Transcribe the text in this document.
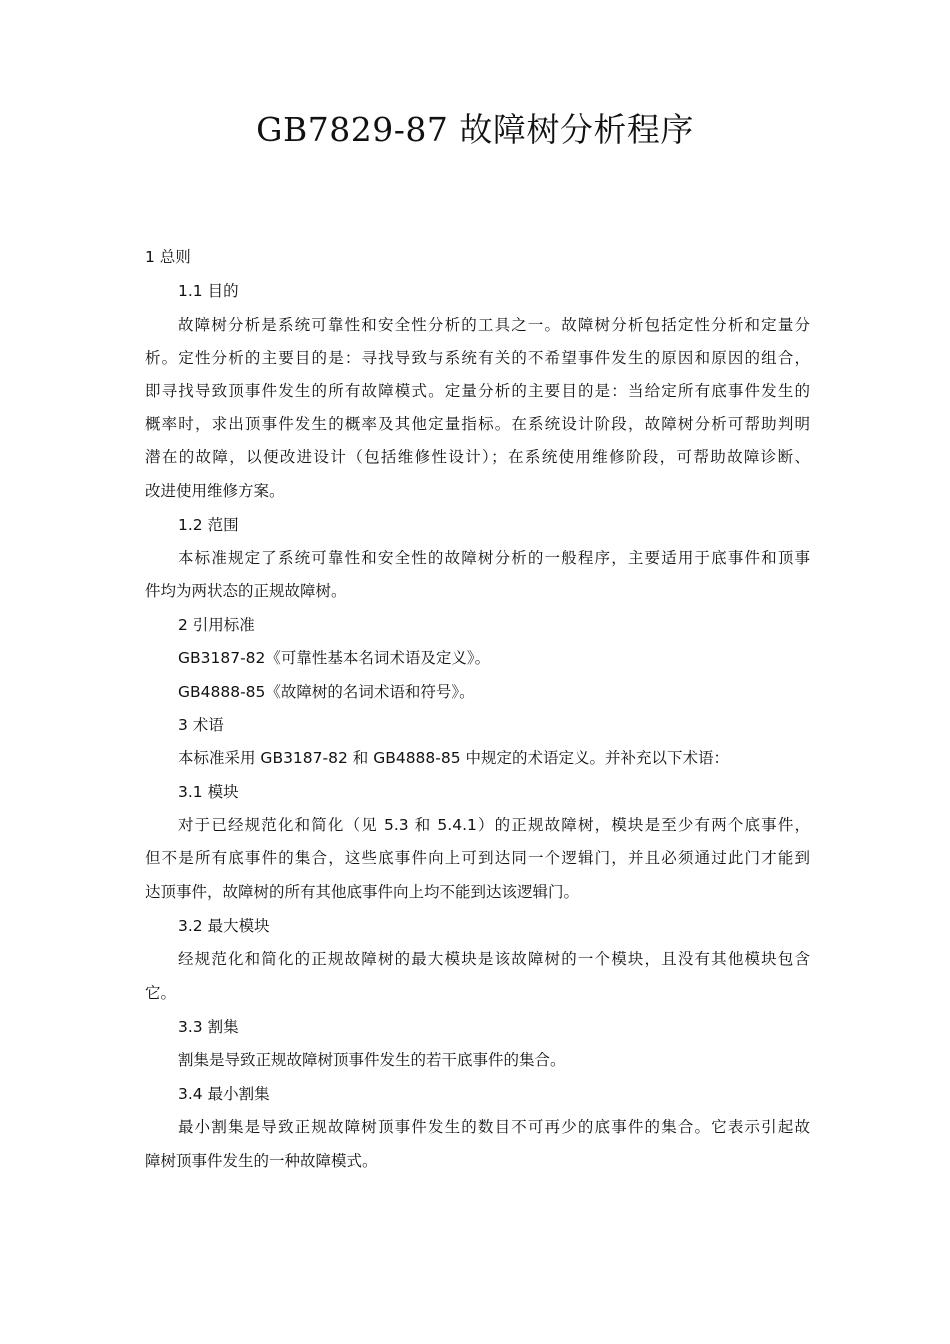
GB7829-87 故障树分析程序
1 总则
1.1 目的
故障树分析是系统可靠性和安全性分析的工具之一。故障树分析包括定性分析和定量分
析。定性分析的主要目的是：寻找导致与系统有关的不希望事件发生的原因和原因的组合，
即寻找导致顶事件发生的所有故障模式。定量分析的主要目的是：当给定所有底事件发生的
概率时，求出顶事件发生的概率及其他定量指标。在系统设计阶段，故障树分析可帮助判明
潜在的故障，以便改进设计（包括维修性设计）；在系统使用维修阶段，可帮助故障诊断、
改进使用维修方案。
1.2 范围
本标准规定了系统可靠性和安全性的故障树分析的一般程序，主要适用于底事件和顶事
件均为两状态的正规故障树。
2 引用标准
GB3187-82《可靠性基本名词术语及定义》。
GB4888-85《故障树的名词术语和符号》。
3 术语
本标准采用 GB3187-82 和 GB4888-85 中规定的术语定义。并补充以下术语：
3.1 模块
对于已经规范化和简化（见 5.3 和 5.4.1）的正规故障树，模块是至少有两个底事件，
但不是所有底事件的集合，这些底事件向上可到达同一个逻辑门，并且必须通过此门才能到
达顶事件，故障树的所有其他底事件向上均不能到达该逻辑门。
3.2 最大模块
经规范化和简化的正规故障树的最大模块是该故障树的一个模块，且没有其他模块包含
它。
3.3 割集
割集是导致正规故障树顶事件发生的若干底事件的集合。
3.4 最小割集
最小割集是导致正规故障树顶事件发生的数目不可再少的底事件的集合。它表示引起故
障树顶事件发生的一种故障模式。
